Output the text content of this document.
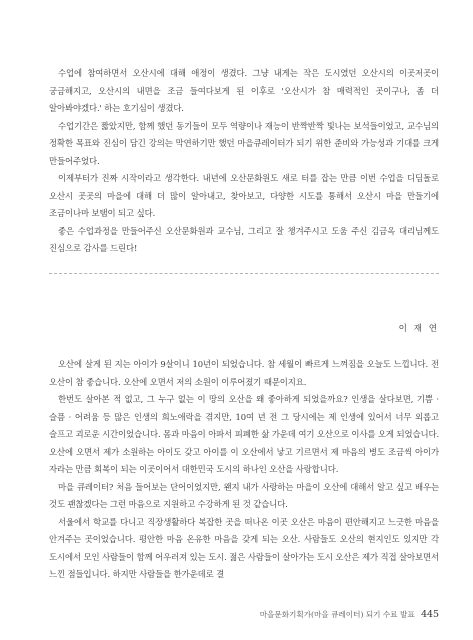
수업에 참여하면서 오산시에 대해 애정이 생겼다. 그냥 내게는 작은 도시였던 오산시의 이곳저곳이 궁금해지고, 오산시의 내면을 조금 들여다보게 된 이후로 '오산시가 참 매력적인 곳이구나, 좀 더 알아봐야겠다.' 하는 호기심이 생겼다.

수업기간은 짧았지만, 함께 했던 동기들이 모두 역량이나 재능이 반짝반짝 빛나는 보석들이었고, 교수님의 정확한 목표와 진심이 담긴 강의는 막연하기만 했던 마을큐레이터가 되기 위한 준비와 가능성과 기대를 크게 만들어주었다.

이제부터가 진짜 시작이라고 생각한다. 내년에 오산문화원도 새로 터를 잡는 만큼 이번 수업을 디딤돌로 오산시 곳곳의 마을에 대해 더 많이 알아내고, 찾아보고, 다양한 시도를 통해서 오산시 마을 만들기에 조금이나마 보탬이 되고 싶다.

좋은 수업과정을 만들어주신 오산문화원과 교수님, 그리고 잘 챙겨주시고 도움 주신 김금옥 대리님께도 진심으로 감사를 드린다!

이 재 연

오산에 살게 된 지는 아이가 9살이니 10년이 되었습니다. 참 세월이 빠르게 느껴짐을 오늘도 느낍니다. 전 오산이 참 좋습니다. 오산에 오면서 저의 소원이 이루어졌기 때문이지요.

한번도 살아본 적 없고, 그 누구 없는 이 땅의 오산을 왜 좋아하게 되었을까요? 인생을 살다보면, 기쁨 · 슬픔 · 어려움 등 많은 인생의 희노애락을 겪지만, 10여 년 전 그 당시에는 제 인생에 있어서 너무 외롭고 슬프고 괴로운 시간이었습니다. 몸과 마음이 아파서 피폐한 삶 가운데 여기 오산으로 이사를 오게 되었습니다. 오산에 오면서 제가 소원하는 아이도 갖고 아이를 이 오산에서 낳고 기르면서 제 마음의 병도 조금씩 아이가 자라는 만큼 회복이 되는 이곳이어서 대한민국 도시의 하나인 오산을 사랑합니다.

마을 큐레이터? 처음 들어보는 단어이었지만, 왠지 내가 사랑하는 마을이 오산에 대해서 알고 싶고 배우는 것도 괜찮겠다는 그런 마음으로 지원하고 수강하게 된 것 같습니다.

서울에서 학교를 다니고 직장생활하다 복잡한 곳을 떠나온 이곳 오산은 마음이 편안해지고 느긋한 마음을 안겨주는 곳이었습니다. 평안한 마음 온유한 마음을 갖게 되는 오산. 사람들도 오산의 현지인도 있지만 각 도시에서 모인 사람들이 함께 어우러져 있는 도시. 젊은 사람들이 살아가는 도시 오산은 제가 직접 살아보면서 느낀 점들입니다. 하지만 사람들을 한가운데로 결

마을문화기획가(마을 큐레이터) 되기 수료 발표 445
